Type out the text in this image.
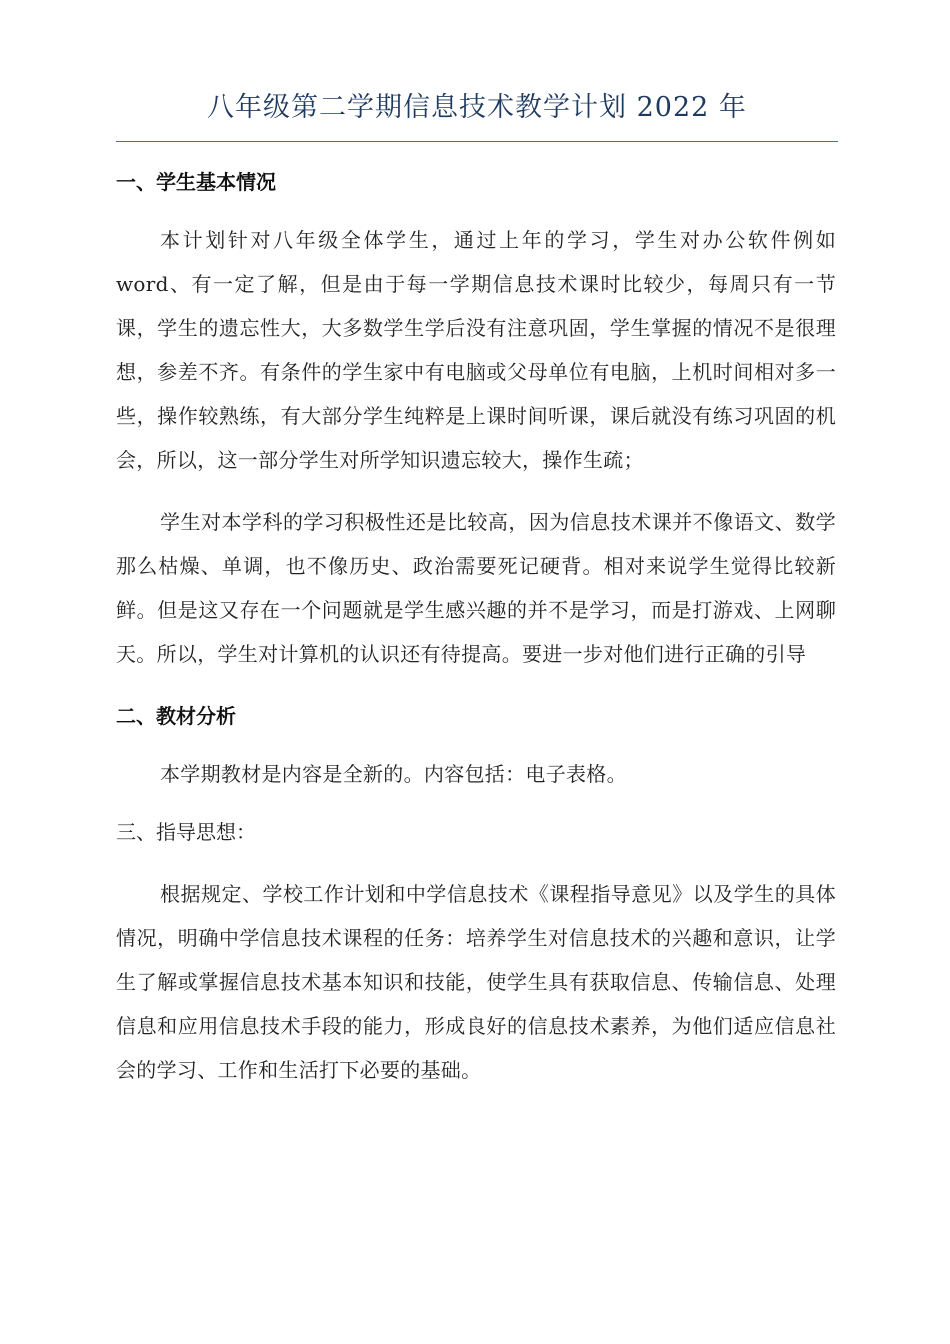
八年级第二学期信息技术教学计划 2022 年
一、学生基本情况

本计划针对八年级全体学生，通过上年的学习，学生对办公软件例如word、有一定了解，但是由于每一学期信息技术课时比较少，每周只有一节课，学生的遗忘性大，大多数学生学后没有注意巩固，学生掌握的情况不是很理想，参差不齐。有条件的学生家中有电脑或父母单位有电脑，上机时间相对多一些，操作较熟练，有大部分学生纯粹是上课时间听课，课后就没有练习巩固的机会，所以，这一部分学生对所学知识遗忘较大，操作生疏；

学生对本学科的学习积极性还是比较高，因为信息技术课并不像语文、数学那么枯燥、单调，也不像历史、政治需要死记硬背。相对来说学生觉得比较新鲜。但是这又存在一个问题就是学生感兴趣的并不是学习，而是打游戏、上网聊天。所以，学生对计算机的认识还有待提高。要进一步对他们进行正确的引导

二、教材分析

本学期教材是内容是全新的。内容包括：电子表格。

三、指导思想：

根据规定、学校工作计划和中学信息技术《课程指导意见》以及学生的具体情况，明确中学信息技术课程的任务：培养学生对信息技术的兴趣和意识，让学生了解或掌握信息技术基本知识和技能，使学生具有获取信息、传输信息、处理信息和应用信息技术手段的能力，形成良好的信息技术素养，为他们适应信息社会的学习、工作和生活打下必要的基础。
